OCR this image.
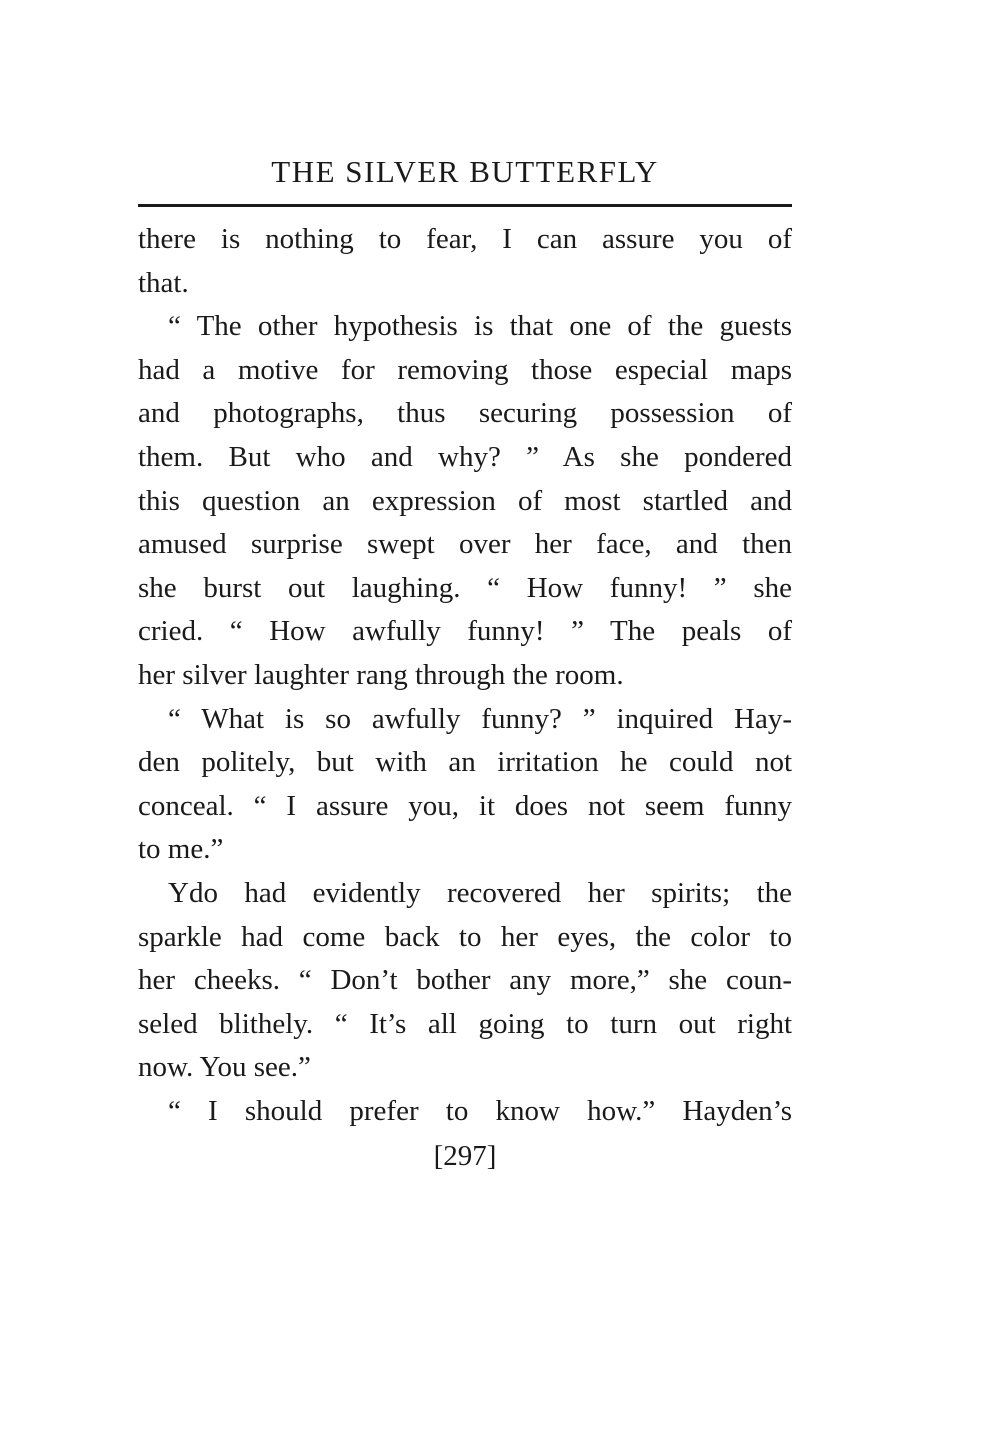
THE SILVER BUTTERFLY
there is nothing to fear, I can assure you of
that.
“ The other hypothesis is that one of the guests
had a motive for removing those especial maps
and photographs, thus securing possession of
them. But who and why? ” As she pondered
this question an expression of most startled and
amused surprise swept over her face, and then
she burst out laughing. “ How funny! ” she
cried. “ How awfully funny! ” The peals of
her silver laughter rang through the room.
“ What is so awfully funny? ” inquired Hay-
den politely, but with an irritation he could not
conceal. “ I assure you, it does not seem funny
to me.”
Ydo had evidently recovered her spirits; the
sparkle had come back to her eyes, the color to
her cheeks. “ Don’t bother any more,” she coun-
seled blithely. “ It’s all going to turn out right
now. You see.”
“ I should prefer to know how.” Hayden’s
[297]
